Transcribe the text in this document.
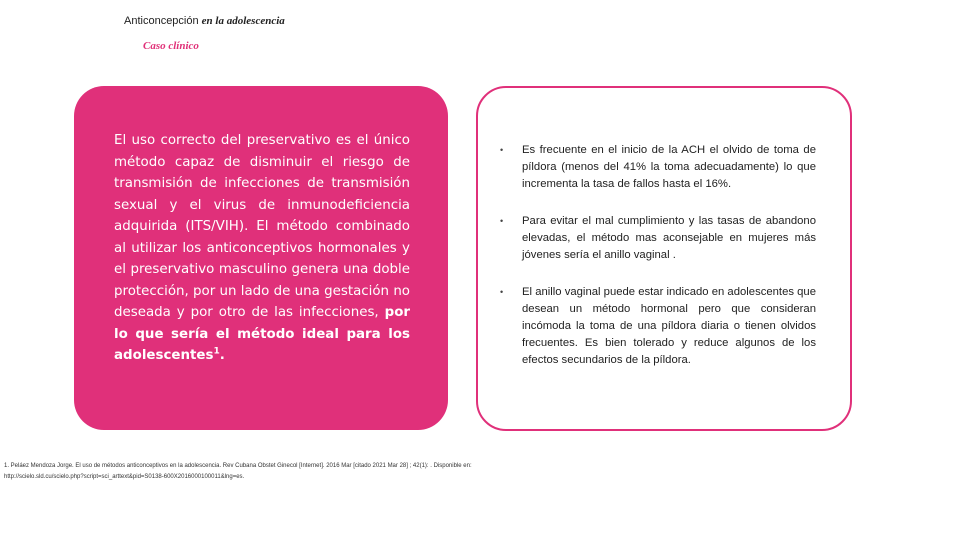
Anticoncepción en la adolescencia
Caso clínico
El uso correcto del preservativo es el único método capaz de disminuir el riesgo de transmisión de infecciones de transmisión sexual y el virus de inmunodeficiencia adquirida (ITS/VIH). El método combinado al utilizar los anticonceptivos hormonales y el preservativo masculino genera una doble protección, por un lado de una gestación no deseada y por otro de las infecciones, por lo que sería el método ideal para los adolescentes$^1$.
• Es frecuente en el inicio de la ACH el olvido de toma de píldora (menos del 41% la toma adecuadamente) lo que incrementa la tasa de fallos hasta el 16%.
• Para evitar el mal cumplimiento y las tasas de abandono elevadas, el método mas aconsejable en mujeres más jóvenes sería el anillo vaginal .
• El anillo vaginal puede estar indicado en adolescentes que desean un método hormonal pero que consideran incómoda la toma de una píldora diaria o tienen olvidos frecuentes. Es bien tolerado y reduce algunos de los efectos secundarios de la píldora.
1. Peláez Mendoza Jorge. El uso de métodos anticonceptivos en la adolescencia. Rev Cubana Obstet Ginecol [Internet]. 2016 Mar [citado 2021 Mar 28] ; 42(1): . Disponible en:
http://scielo.sld.cu/scielo.php?script=sci_arttext&pid=S0138-600X2016000100011&lng=es.
